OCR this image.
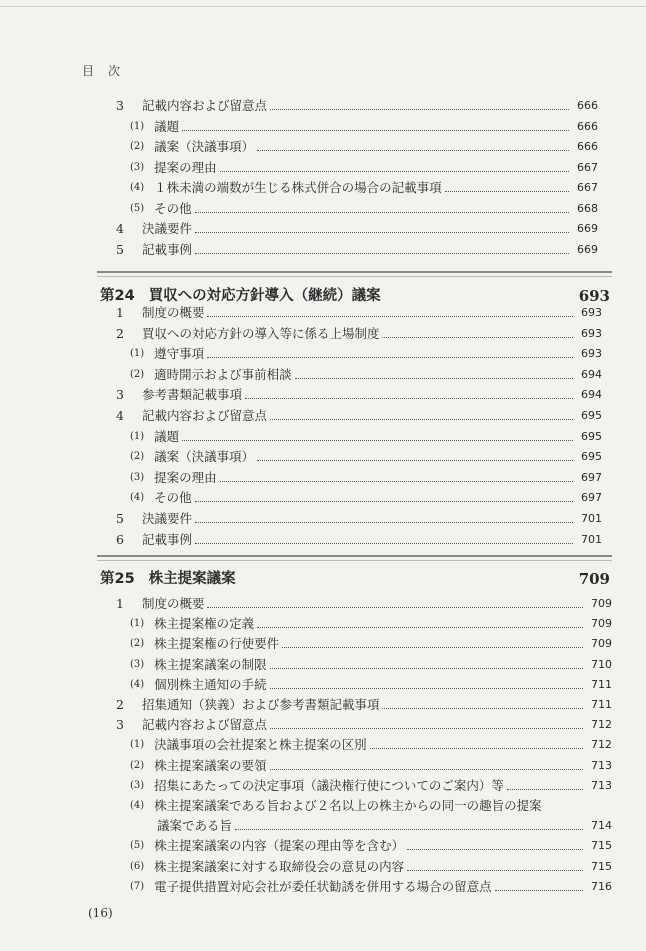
目次
3 記載内容および留意点	666
(1) 議題	666
(2) 議案（決議事項）	666
(3) 提案の理由	667
(4) １株未満の端数が生じる株式併合の場合の記載事項	667
(5) その他	668
4 決議要件	669
5 記載事例	669
第24 買収への対応方針導入（継続）議案	693
1 制度の概要	693
2 買収への対応方針の導入等に係る上場制度	693
(1) 遵守事項	693
(2) 適時開示および事前相談	694
3 参考書類記載事項	694
4 記載内容および留意点	695
(1) 議題	695
(2) 議案（決議事項）	695
(3) 提案の理由	697
(4) その他	697
5 決議要件	701
6 記載事例	701
第25 株主提案議案	709
1 制度の概要	709
(1) 株主提案権の定義	709
(2) 株主提案権の行使要件	709
(3) 株主提案議案の制限	710
(4) 個別株主通知の手続	711
2 招集通知（狭義）および参考書類記載事項	711
3 記載内容および留意点	712
(1) 決議事項の会社提案と株主提案の区別	712
(2) 株主提案議案の要領	713
(3) 招集にあたっての決定事項（議決権行使についてのご案内）等	713
(4) 株主提案議案である旨および２名以上の株主からの同一の趣旨の提案
議案である旨	714
(5) 株主提案議案の内容（提案の理由等を含む）	715
(6) 株主提案議案に対する取締役会の意見の内容	715
(7) 電子提供措置対応会社が委任状勧誘を併用する場合の留意点	716
(16)
